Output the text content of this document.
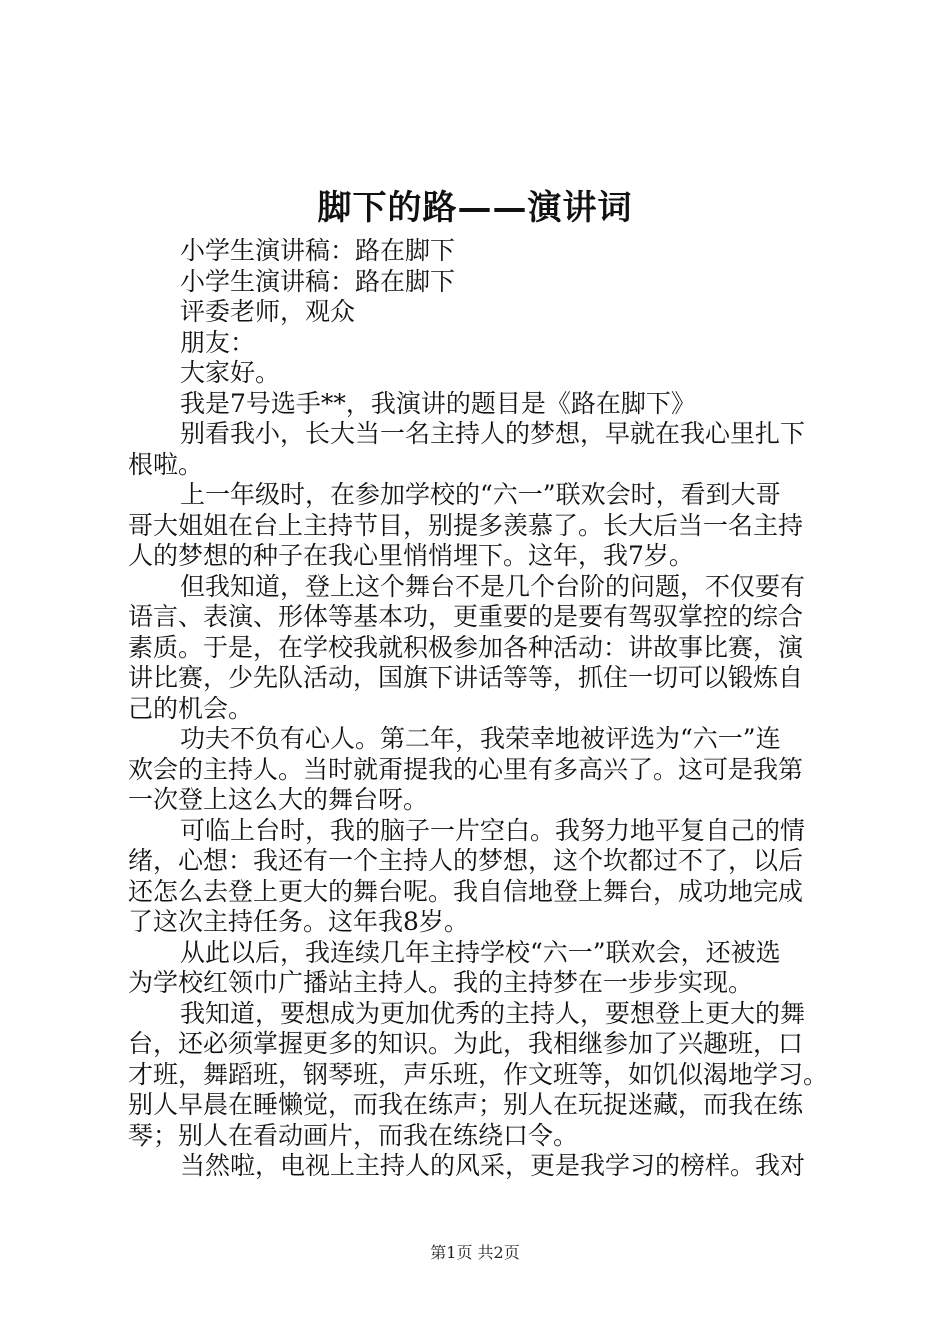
脚下的路——演讲词
小学生演讲稿：路在脚下
小学生演讲稿：路在脚下
评委老师，观众
朋友：
大家好。
我是7号选手**，我演讲的题目是《路在脚下》
别看我小，长大当一名主持人的梦想，早就在我心里扎下
根啦。
上一年级时，在参加学校的“六一”联欢会时，看到大哥
哥大姐姐在台上主持节目，别提多羡慕了。长大后当一名主持
人的梦想的种子在我心里悄悄埋下。这年，我7岁。
但我知道，登上这个舞台不是几个台阶的问题，不仅要有
语言、表演、形体等基本功，更重要的是要有驾驭掌控的综合
素质。于是，在学校我就积极参加各种活动：讲故事比赛，演
讲比赛，少先队活动，国旗下讲话等等，抓住一切可以锻炼自
己的机会。
功夫不负有心人。第二年，我荣幸地被评选为“六一”连
欢会的主持人。当时就甭提我的心里有多高兴了。这可是我第
一次登上这么大的舞台呀。
可临上台时，我的脑子一片空白。我努力地平复自己的情
绪，心想：我还有一个主持人的梦想，这个坎都过不了，以后
还怎么去登上更大的舞台呢。我自信地登上舞台，成功地完成
了这次主持任务。这年我8岁。
从此以后，我连续几年主持学校“六一”联欢会，还被选
为学校红领巾广播站主持人。我的主持梦在一步步实现。
我知道，要想成为更加优秀的主持人，要想登上更大的舞
台，还必须掌握更多的知识。为此，我相继参加了兴趣班，口
才班，舞蹈班，钢琴班，声乐班，作文班等，如饥似渴地学习。
别人早晨在睡懒觉，而我在练声；别人在玩捉迷藏，而我在练
琴；别人在看动画片，而我在练绕口令。
当然啦，电视上主持人的风采，更是我学习的榜样。我对
第1页 共2页
